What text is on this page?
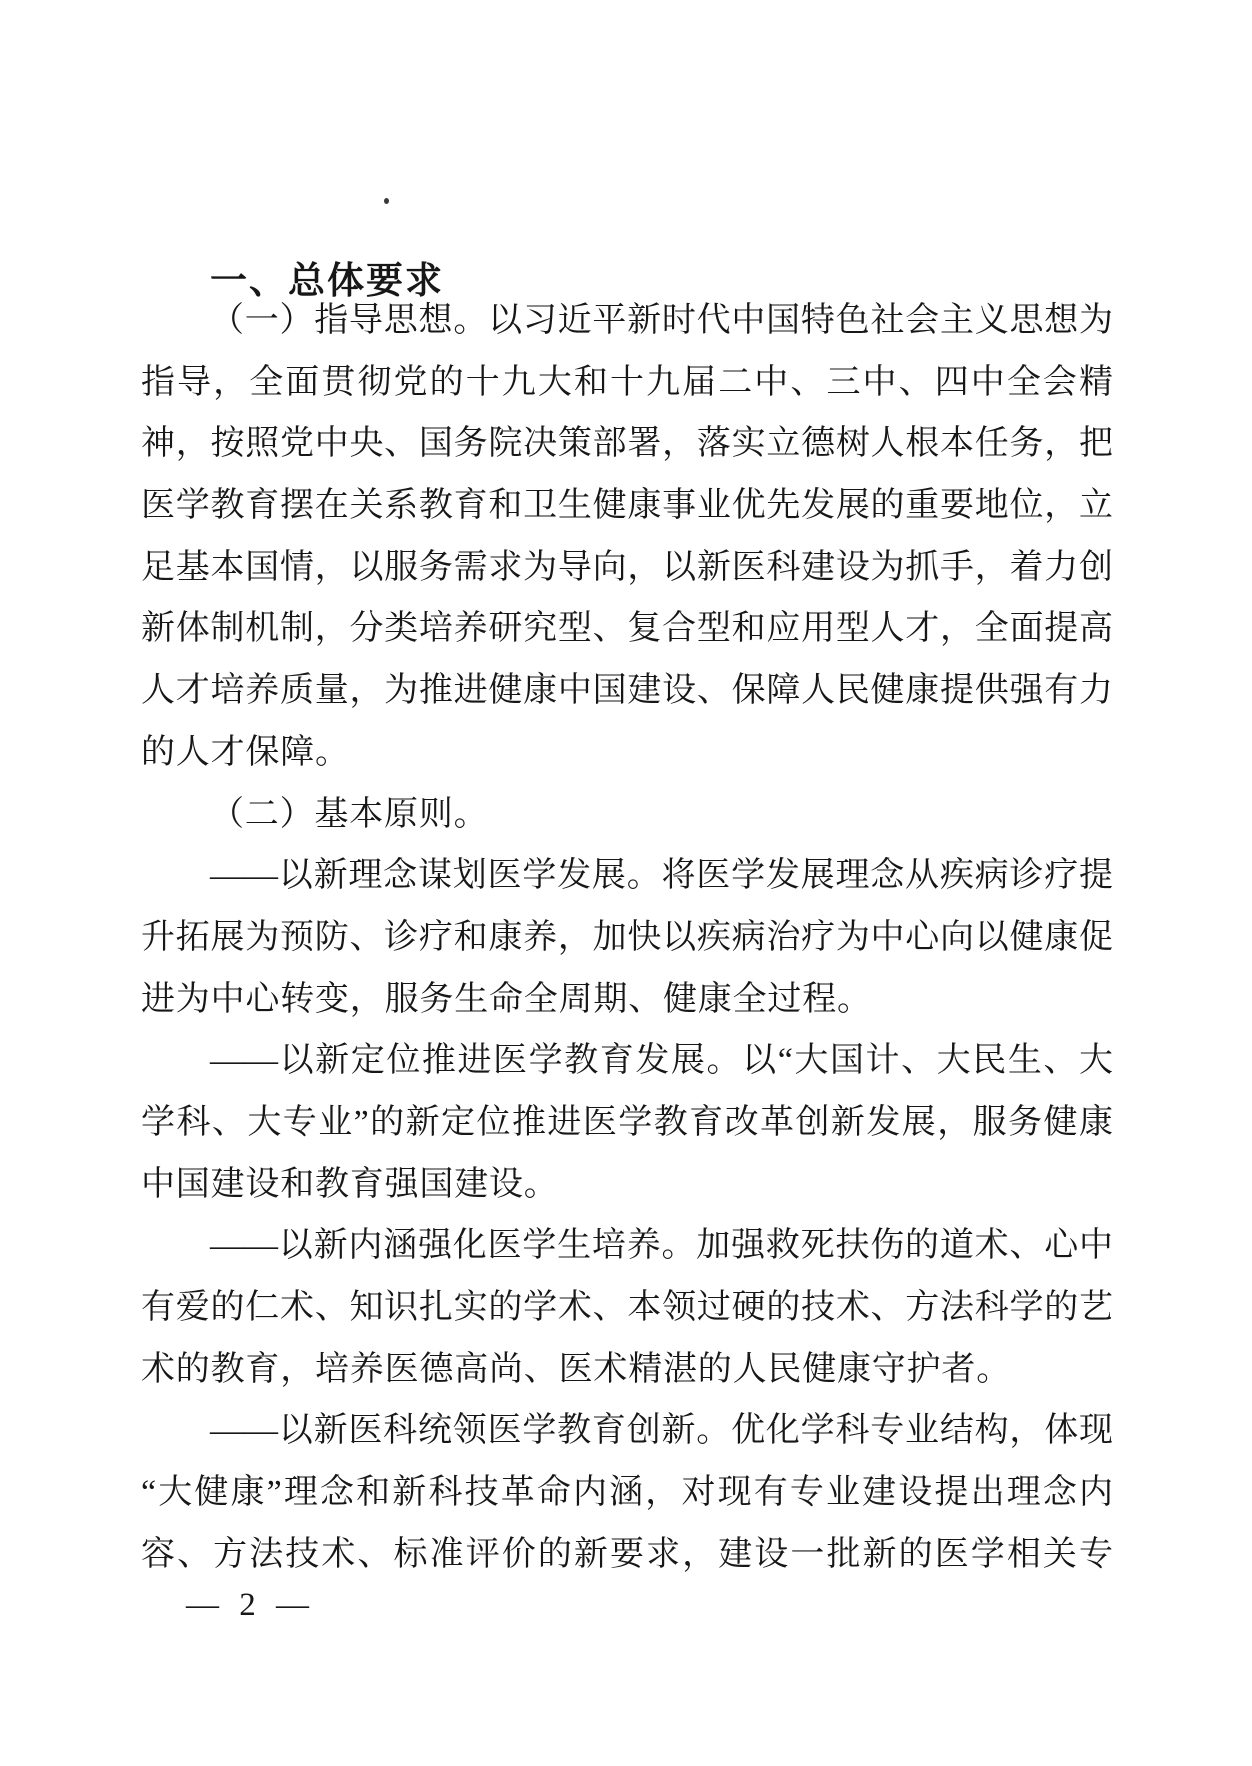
一、总体要求
（一）指导思想。以习近平新时代中国特色社会主义思想为
指导，全面贯彻党的十九大和十九届二中、三中、四中全会精
神，按照党中央、国务院决策部署，落实立德树人根本任务，把
医学教育摆在关系教育和卫生健康事业优先发展的重要地位，立
足基本国情，以服务需求为导向，以新医科建设为抓手，着力创
新体制机制，分类培养研究型、复合型和应用型人才，全面提高
人才培养质量，为推进健康中国建设、保障人民健康提供强有力
的人才保障。
（二）基本原则。
——以新理念谋划医学发展。将医学发展理念从疾病诊疗提
升拓展为预防、诊疗和康养，加快以疾病治疗为中心向以健康促
进为中心转变，服务生命全周期、健康全过程。
——以新定位推进医学教育发展。以“大国计、大民生、大
学科、大专业”的新定位推进医学教育改革创新发展，服务健康
中国建设和教育强国建设。
——以新内涵强化医学生培养。加强救死扶伤的道术、心中
有爱的仁术、知识扎实的学术、本领过硬的技术、方法科学的艺
术的教育，培养医德高尚、医术精湛的人民健康守护者。
——以新医科统领医学教育创新。优化学科专业结构，体现
“大健康”理念和新科技革命内涵，对现有专业建设提出理念内
容、方法技术、标准评价的新要求，建设一批新的医学相关专
— 2 —
